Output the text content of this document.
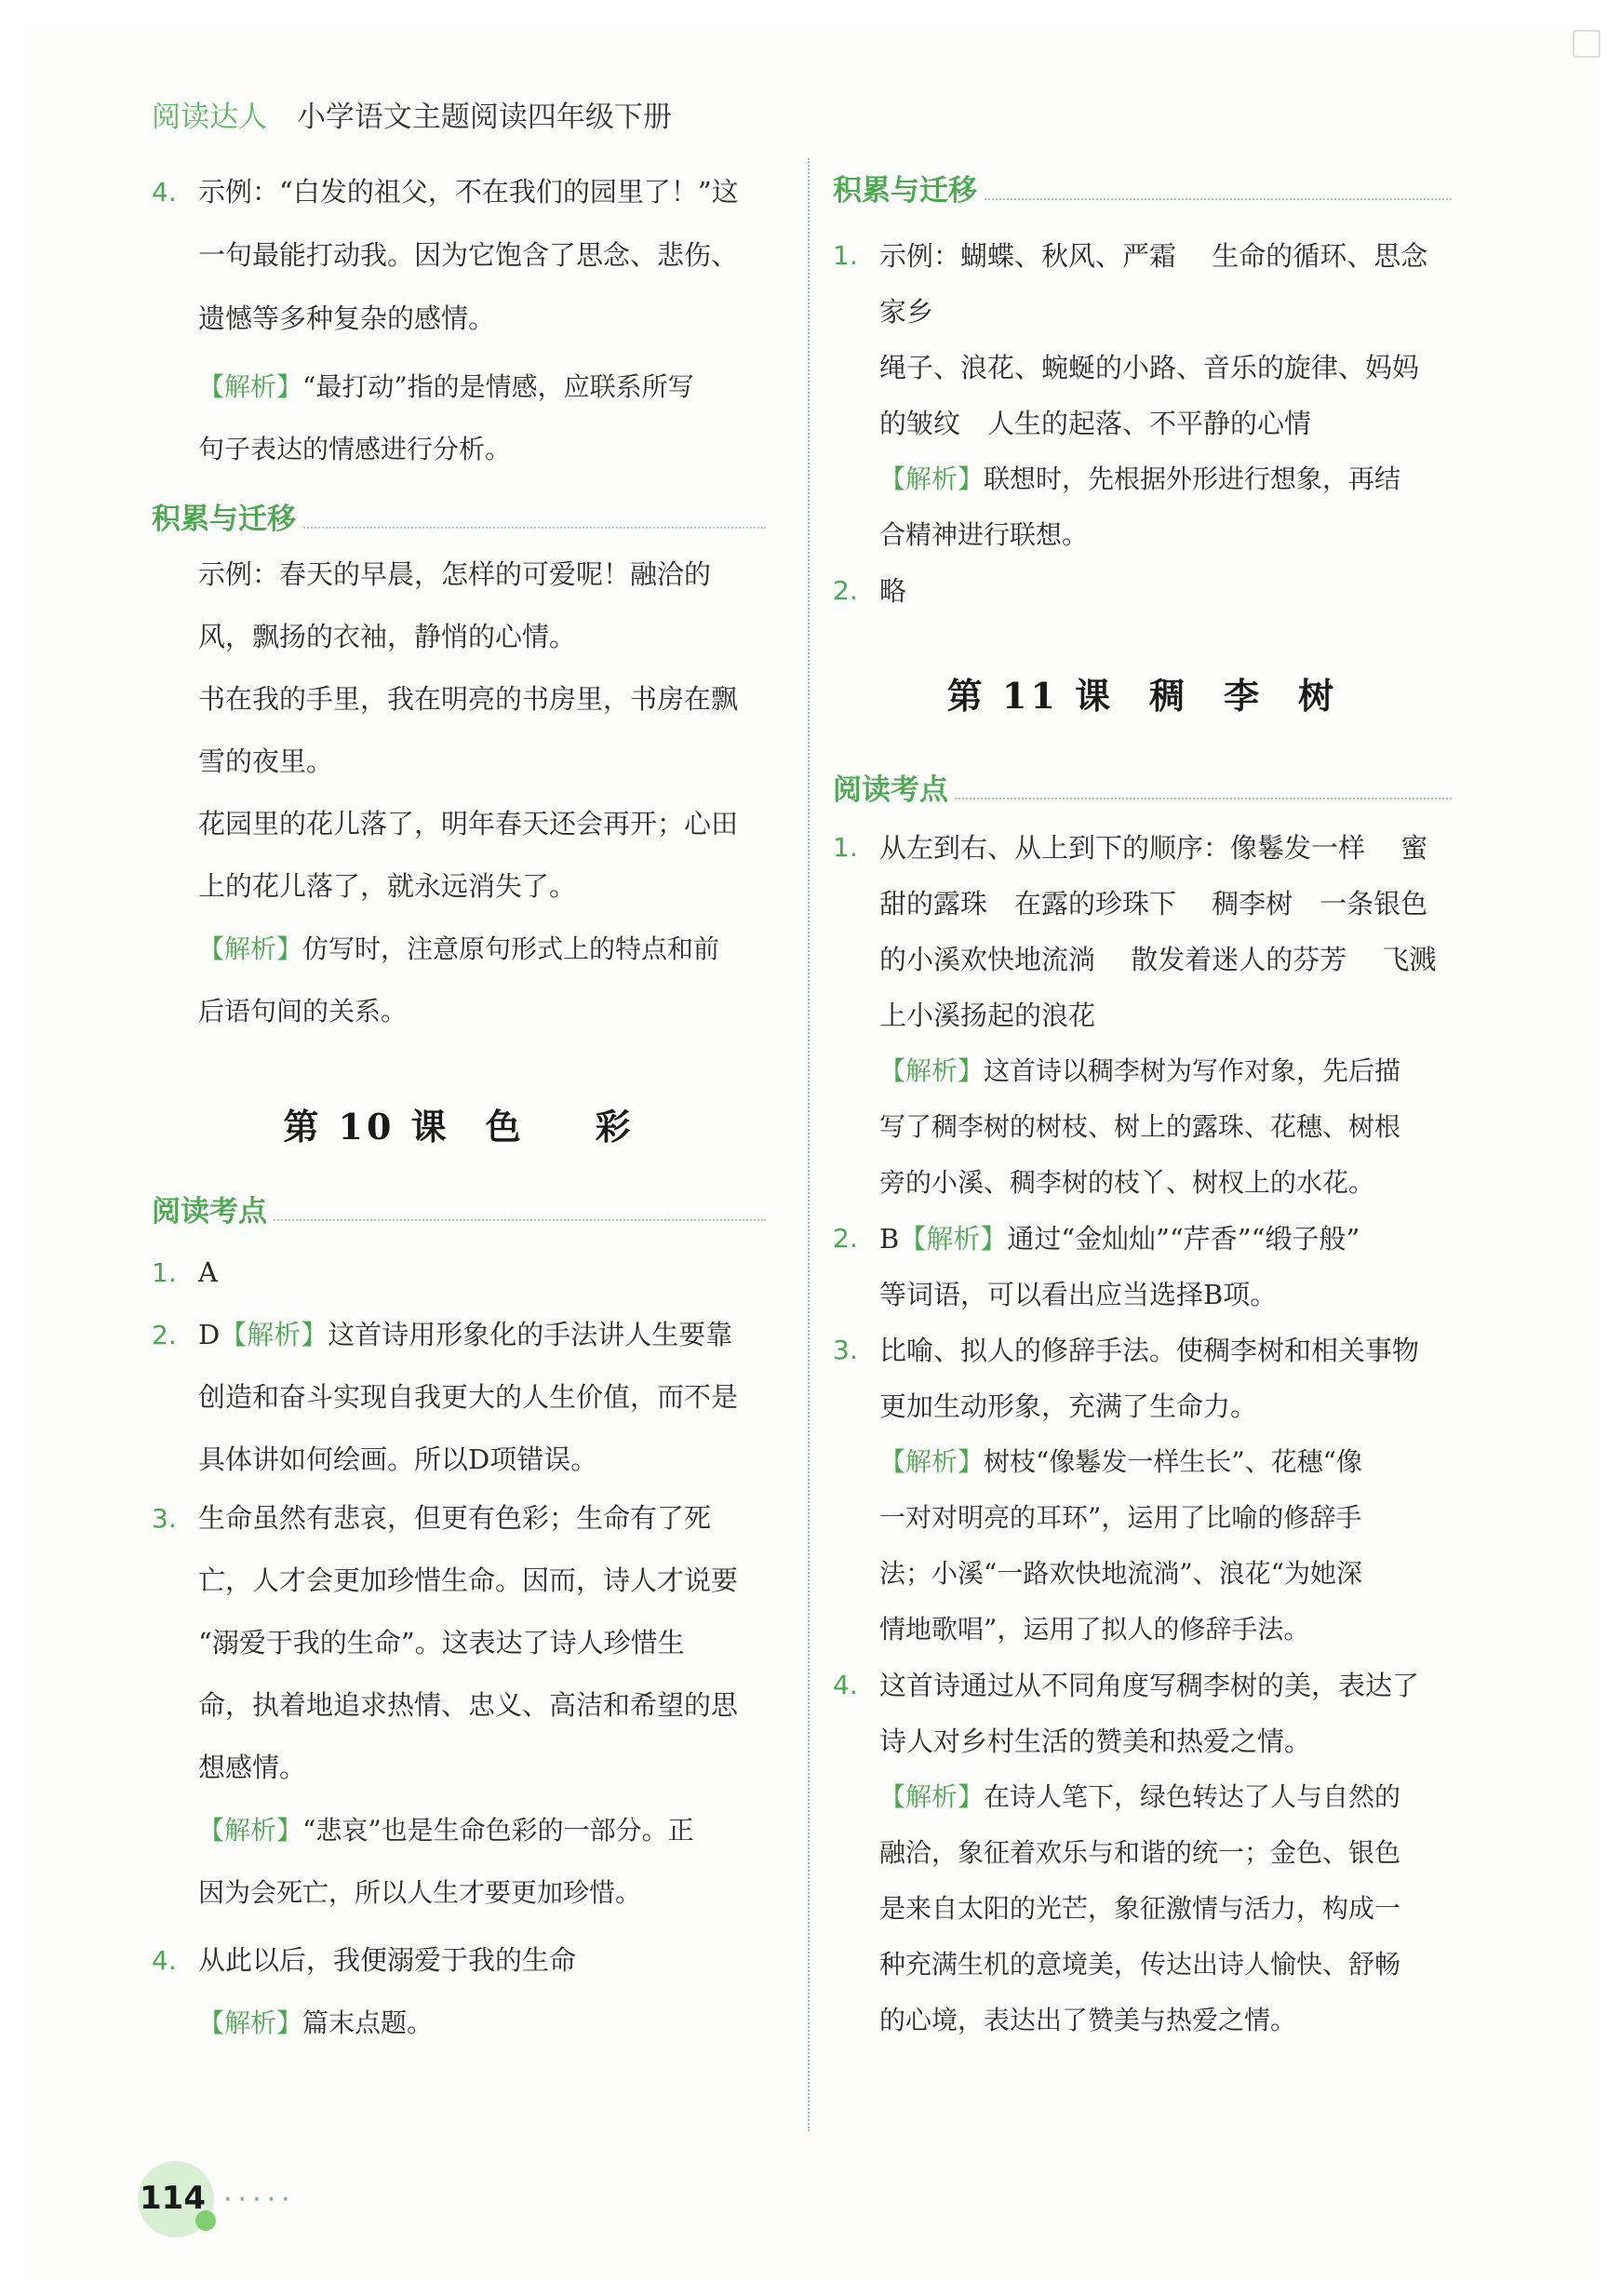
阅读达人 小学语文主题阅读四年级下册
4. 示例：“白发的祖父，不在我们的园里了！”这
一句最能打动我。因为它饱含了思念、悲伤、
遗憾等多种复杂的感情。
【解析】“最打动”指的是情感，应联系所写
句子表达的情感进行分析。
积累与迁移
示例：春天的早晨，怎样的可爱呢！融洽的
风，飘扬的衣袖，静悄的心情。
书在我的手里，我在明亮的书房里，书房在飘
雪的夜里。
花园里的花儿落了，明年春天还会再开；心田
上的花儿落了，就永远消失了。
【解析】仿写时，注意原句形式上的特点和前
后语句间的关系。
第 10 课 色 彩
阅读考点
1. A
2. D【解析】这首诗用形象化的手法讲人生要靠
创造和奋斗实现自我更大的人生价值，而不是
具体讲如何绘画。所以D项错误。
3. 生命虽然有悲哀，但更有色彩；生命有了死
亡，人才会更加珍惜生命。因而，诗人才说要
“溺爱于我的生命”。这表达了诗人珍惜生
命，执着地追求热情、忠义、高洁和希望的思
想感情。
【解析】“悲哀”也是生命色彩的一部分。正
因为会死亡，所以人生才要更加珍惜。
4. 从此以后，我便溺爱于我的生命
【解析】篇末点题。
积累与迁移
1. 示例：蝴蝶、秋风、严霜　 生命的循环、思念
家乡
绳子、浪花、蜿蜒的小路、音乐的旋律、妈妈
的皱纹　人生的起落、不平静的心情
【解析】联想时，先根据外形进行想象，再结
合精神进行联想。
2. 略
第 11 课 稠 李 树
阅读考点
1. 从左到右、从上到下的顺序：像鬈发一样　 蜜
甜的露珠　在露的珍珠下　 稠李树　一条银色
的小溪欢快地流淌　 散发着迷人的芬芳　 飞溅
上小溪扬起的浪花
【解析】这首诗以稠李树为写作对象，先后描
写了稠李树的树枝、树上的露珠、花穗、树根
旁的小溪、稠李树的枝丫、树杈上的水花。
2. B【解析】通过“金灿灿”“芹香”“缎子般”
等词语，可以看出应当选择B项。
3. 比喻、拟人的修辞手法。使稠李树和相关事物
更加生动形象，充满了生命力。
【解析】树枝“像鬈发一样生长”、花穗“像
一对对明亮的耳环”，运用了比喻的修辞手
法；小溪“一路欢快地流淌”、浪花“为她深
情地歌唱”，运用了拟人的修辞手法。
4. 这首诗通过从不同角度写稠李树的美，表达了
诗人对乡村生活的赞美和热爱之情。
【解析】在诗人笔下，绿色转达了人与自然的
融洽，象征着欢乐与和谐的统一；金色、银色
是来自太阳的光芒，象征激情与活力，构成一
种充满生机的意境美，传达出诗人愉快、舒畅
的心境，表达出了赞美与热爱之情。
114 ·····
